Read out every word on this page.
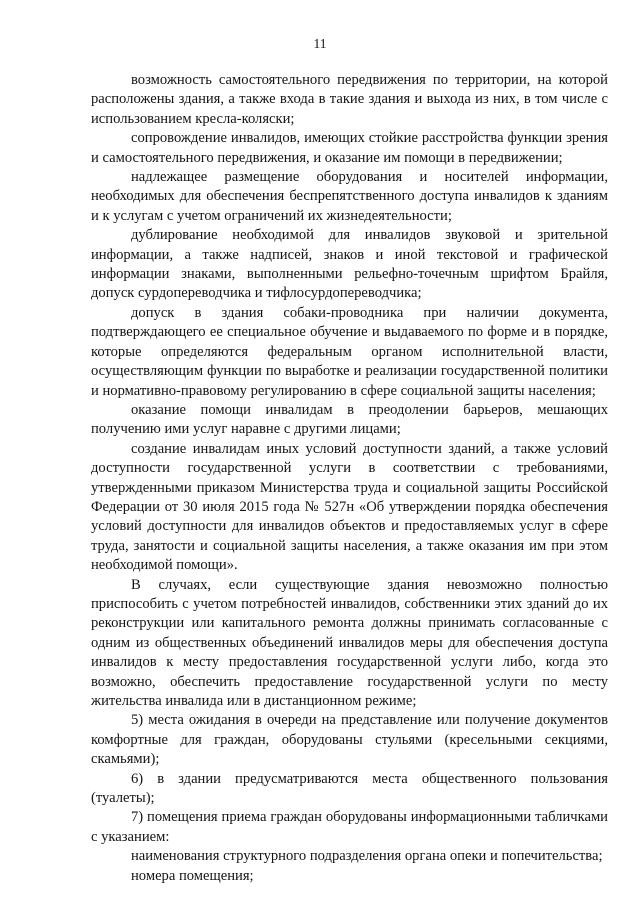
11

возможность самостоятельного передвижения по территории, на которой расположены здания, а также входа в такие здания и выхода из них, в том числе с использованием кресла-коляски;

сопровождение инвалидов, имеющих стойкие расстройства функции зрения и самостоятельного передвижения, и оказание им помощи в передвижении;

надлежащее размещение оборудования и носителей информации, необходимых для обеспечения беспрепятственного доступа инвалидов к зданиям и к услугам с учетом ограничений их жизнедеятельности;

дублирование необходимой для инвалидов звуковой и зрительной информации, а также надписей, знаков и иной текстовой и графической информации знаками, выполненными рельефно-точечным шрифтом Брайля, допуск сурдопереводчика и тифлосурдопереводчика;

допуск в здания собаки-проводника при наличии документа, подтверждающего ее специальное обучение и выдаваемого по форме и в порядке, которые определяются федеральным органом исполнительной власти, осуществляющим функции по выработке и реализации государственной политики и нормативно-правовому регулированию в сфере социальной защиты населения;

оказание помощи инвалидам в преодолении барьеров, мешающих получению ими услуг наравне с другими лицами;

создание инвалидам иных условий доступности зданий, а также условий доступности государственной услуги в соответствии с требованиями, утвержденными приказом Министерства труда и социальной защиты Российской Федерации от 30 июля 2015 года № 527н «Об утверждении порядка обеспечения условий доступности для инвалидов объектов и предоставляемых услуг в сфере труда, занятости и социальной защиты населения, а также оказания им при этом необходимой помощи».

В случаях, если существующие здания невозможно полностью приспособить с учетом потребностей инвалидов, собственники этих зданий до их реконструкции или капитального ремонта должны принимать согласованные с одним из общественных объединений инвалидов меры для обеспечения доступа инвалидов к месту предоставления государственной услуги либо, когда это возможно, обеспечить предоставление государственной услуги по месту жительства инвалида или в дистанционном режиме;

5) места ожидания в очереди на представление или получение документов комфортные для граждан, оборудованы стульями (кресельными секциями, скамьями);

6) в здании предусматриваются места общественного пользования (туалеты);

7) помещения приема граждан оборудованы информационными табличками с указанием:

наименования структурного подразделения органа опеки и попечительства;

номера помещения;
